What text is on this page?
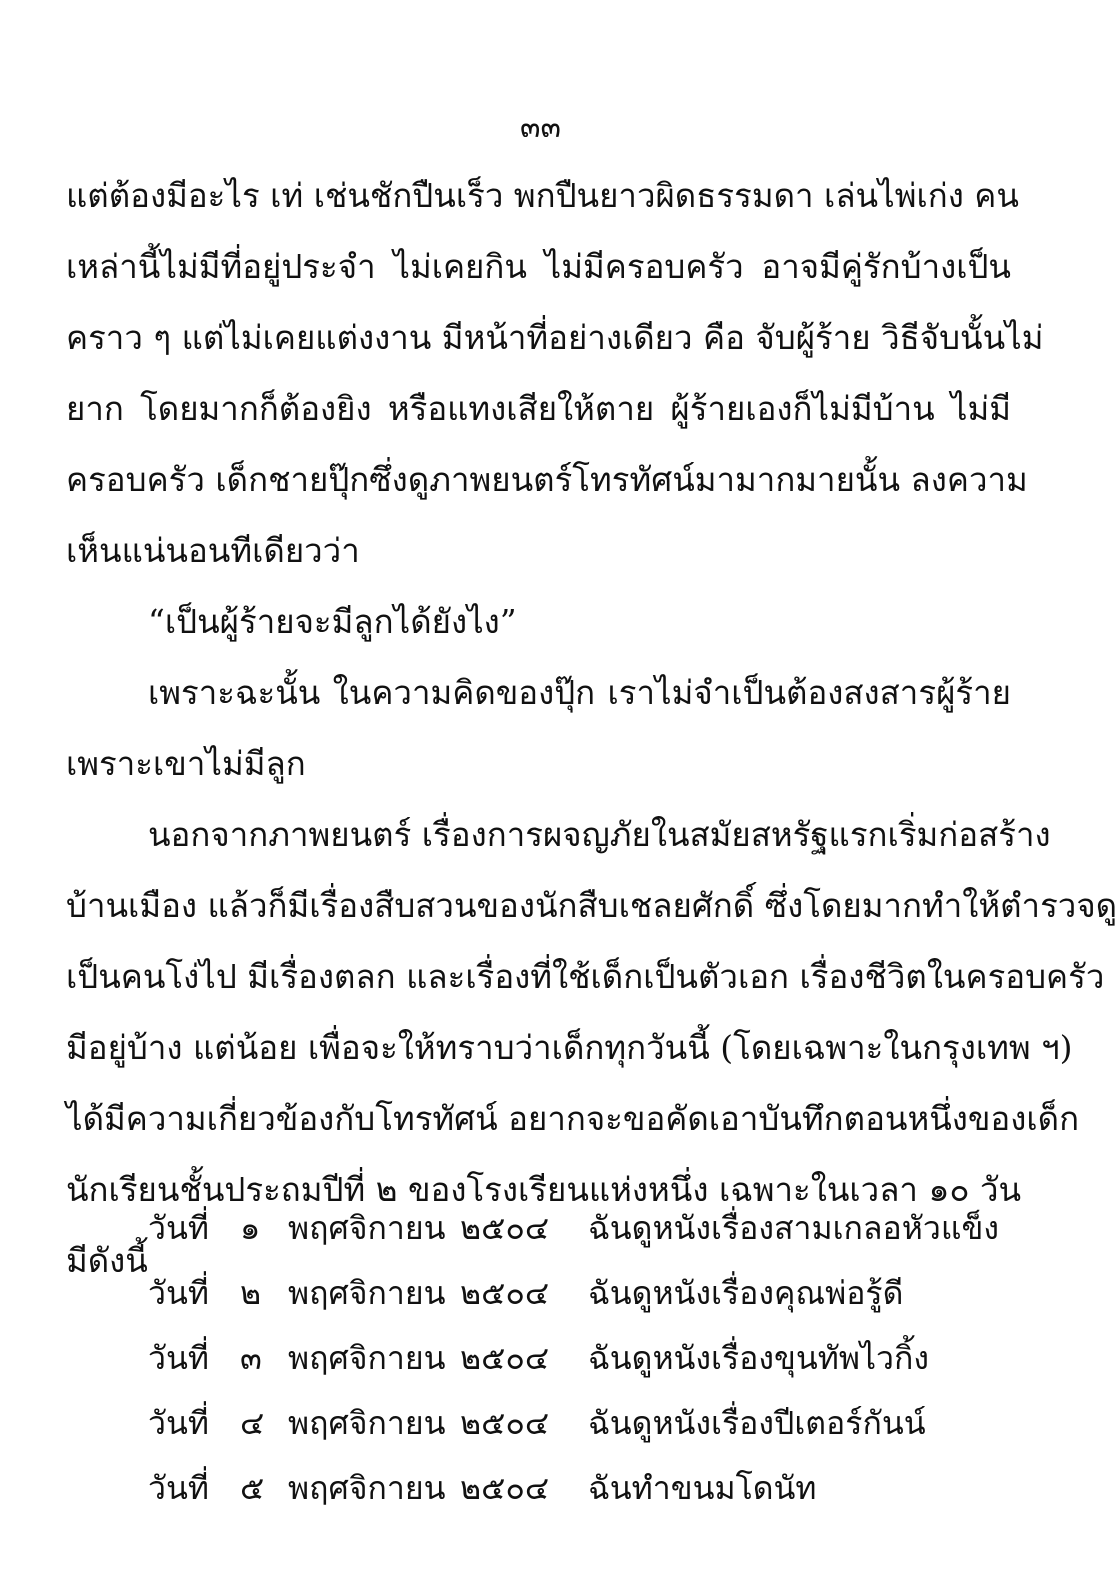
๓๓
แต่ต้องมีอะไร เท่ เช่นชักปืนเร็ว พกปืนยาวผิดธรรมดา เล่นไพ่เก่ง คน
เหล่านี้ไม่มีที่อยู่ประจำ ไม่เคยกิน ไม่มีครอบครัว อาจมีคู่รักบ้างเป็น
คราว ๆ แต่ไม่เคยแต่งงาน มีหน้าที่อย่างเดียว คือ จับผู้ร้าย วิธีจับนั้นไม่
ยาก โดยมากก็ต้องยิง หรือแทงเสียให้ตาย ผู้ร้ายเองก็ไม่มีบ้าน ไม่มี
ครอบครัว เด็กชายปุ๊กซึ่งดูภาพยนตร์โทรทัศน์มามากมายนั้น ลงความ
เห็นแน่นอนทีเดียวว่า
“เป็นผู้ร้ายจะมีลูกได้ยังไง”
เพราะฉะนั้น ในความคิดของปุ๊ก เราไม่จำเป็นต้องสงสารผู้ร้าย
เพราะเขาไม่มีลูก
นอกจากภาพยนตร์ เรื่องการผจญภัยในสมัยสหรัฐแรกเริ่มก่อสร้าง
บ้านเมือง แล้วก็มีเรื่องสืบสวนของนักสืบเชลยศักดิ์ ซึ่งโดยมากทำให้ตำรวจดู
เป็นคนโง่ไป มีเรื่องตลก และเรื่องที่ใช้เด็กเป็นตัวเอก เรื่องชีวิตในครอบครัว
มีอยู่บ้าง แต่น้อย เพื่อจะให้ทราบว่าเด็กทุกวันนี้ (โดยเฉพาะในกรุงเทพ ฯ)
ได้มีความเกี่ยวข้องกับโทรทัศน์ อยากจะขอคัดเอาบันทึกตอนหนึ่งของเด็ก
นักเรียนชั้นประถมปีที่ ๒ ของโรงเรียนแห่งหนึ่ง เฉพาะในเวลา ๑๐ วัน
มีดังนี้
วันที่ ๑ พฤศจิกายน ๒๕๐๔	ฉันดูหนังเรื่องสามเกลอหัวแข็ง
วันที่ ๒ พฤศจิกายน ๒๕๐๔	ฉันดูหนังเรื่องคุณพ่อรู้ดี
วันที่ ๓ พฤศจิกายน ๒๕๐๔	ฉันดูหนังเรื่องขุนทัพไวกิ้ง
วันที่ ๔ พฤศจิกายน ๒๕๐๔	ฉันดูหนังเรื่องปีเตอร์กันน์
วันที่ ๕ พฤศจิกายน ๒๕๐๔	ฉันทำขนมโดนัท
